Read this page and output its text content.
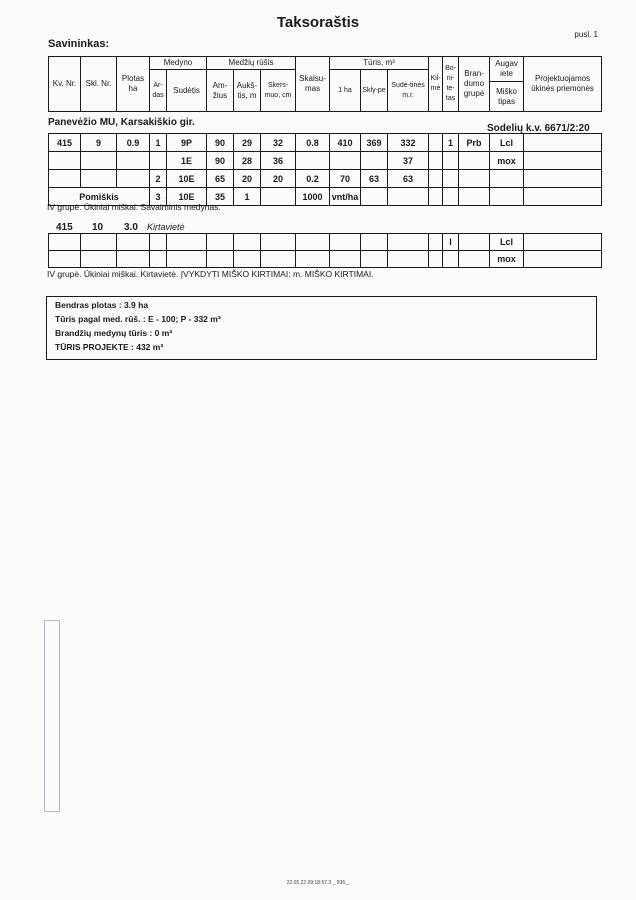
Taksoraštis
pusl. 1
Savininkas:
Kv. Nr.	Skl. Nr.	Plotas ha	Medyno		Medžių rūšis			Skalsu-mas	Tūris, m³			Kil-mė	Bo-ni-te-tas	Bran-dumo grupė	Augav iete	Projektuojamos ūkinės priemonės
			Ar-das	Sudėtis	Am-žius	Aukš-tis, m	Skers-muo, cm		1 ha	Skly-pe	Sudė-tinės m.r.					
															Miško tipas	
Panevėžio MU, Karsakiškio gir.
Sodelių k.v. 6671/2:20
415	9	0.9	1	9P	90	29	32	0.8	410	369	332		1	Prb	Lcl	
				1E	90	28	36				37				mox	
			2	10E	65	20	20	0.2	70	63	63					
Pomiškis			3	10E	35	1		1000	vnt/ha							
IV grupė. Ūkiniai miškai. Savaiminis medynas.
415 10 3.0 Kirtavietė
													I		Lcl	
															mox	
IV grupė. Ūkiniai miškai. Kirtavietė. ĮVYKDYTI MIŠKO KIRTIMAI: m. MIŠKO KIRTIMAI.
Bendras plotas : 3.9 ha
Tūris pagal med. rūš. : E - 100; P - 332 m³
Brandžių medynų tūris : 0 m³
TŪRIS PROJEKTE : 432 m³
22.05.22 09:18:57.3 _ 836 _
